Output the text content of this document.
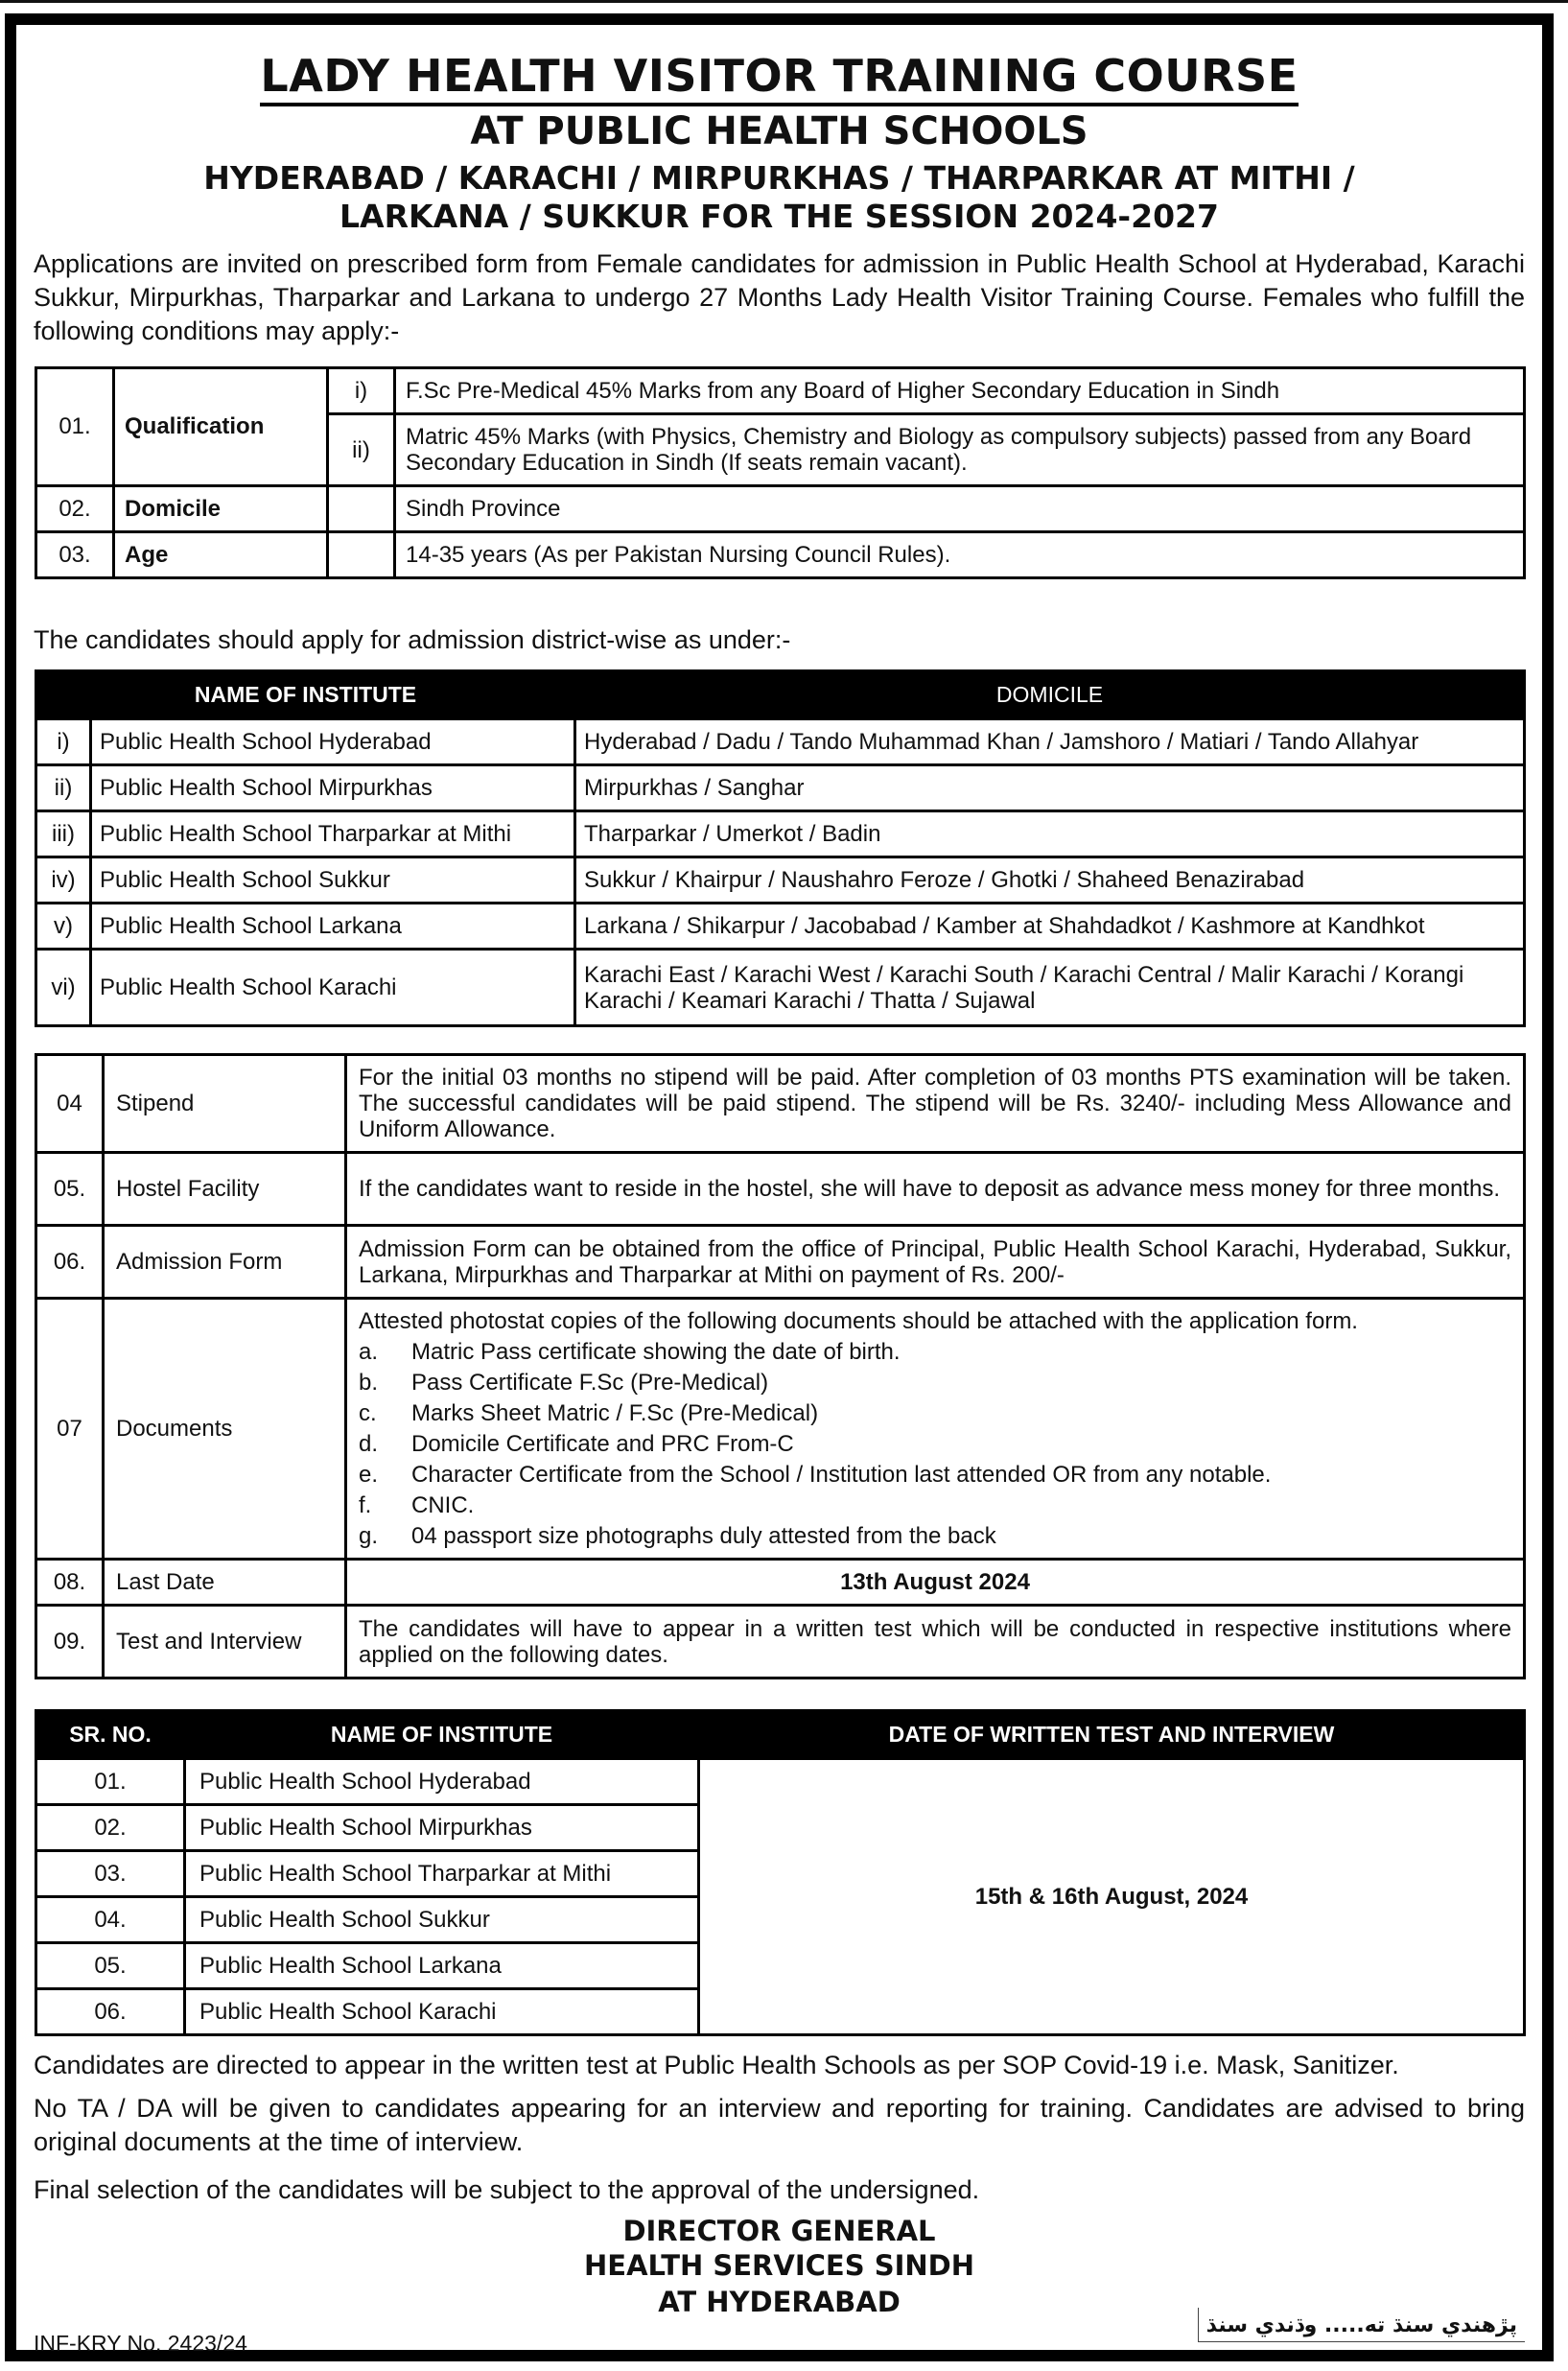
LADY HEALTH VISITOR TRAINING COURSE
AT PUBLIC HEALTH SCHOOLS
HYDERABAD / KARACHI / MIRPURKHAS / THARPARKAR AT MITHI /
LARKANA / SUKKUR FOR THE SESSION 2024-2027

Applications are invited on prescribed form from Female candidates for admission in Public Health School at Hyderabad, Karachi Sukkur, Mirpurkhas, Tharparkar and Larkana to undergo 27 Months Lady Health Visitor Training Course. Females who fulfill the following conditions may apply:-

01.	Qualification	i)	F.Sc Pre-Medical 45% Marks from any Board of Higher Secondary Education in Sindh
		ii)	Matric 45% Marks (with Physics, Chemistry and Biology as compulsory subjects) passed from any Board Secondary Education in Sindh (If seats remain vacant).
02.	Domicile		Sindh Province
03.	Age		14-35 years (As per Pakistan Nursing Council Rules).
The candidates should apply for admission district-wise as under:-
NAME OF INSTITUTE		DOMICILE
i)	Public Health School Hyderabad	Hyderabad / Dadu / Tando Muhammad Khan / Jamshoro / Matiari / Tando Allahyar
ii)	Public Health School Mirpurkhas	Mirpurkhas / Sanghar
iii)	Public Health School Tharparkar at Mithi	Tharparkar / Umerkot / Badin
iv)	Public Health School Sukkur	Sukkur / Khairpur / Naushahro Feroze / Ghotki / Shaheed Benazirabad
v)	Public Health School Larkana	Larkana / Shikarpur / Jacobabad / Kamber at Shahdadkot / Kashmore at Kandhkot
vi)	Public Health School Karachi	Karachi East / Karachi West / Karachi South / Karachi Central / Malir Karachi / Korangi Karachi / Keamari Karachi / Thatta / Sujawal
04	Stipend	For the initial 03 months no stipend will be paid. After completion of 03 months PTS examination will be taken. The successful candidates will be paid stipend. The stipend will be Rs. 3240/- including Mess Allowance and Uniform Allowance.
05.	Hostel Facility	If the candidates want to reside in the hostel, she will have to deposit as advance mess money for three months.
06.	Admission Form	Admission Form can be obtained from the office of Principal, Public Health School Karachi, Hyderabad, Sukkur, Larkana, Mirpurkhas and Tharparkar at Mithi on payment of Rs. 200/-
07	Documents	
Attested photostat copies of the following documents should be attached with the application form.
a.	Matric Pass certificate showing the date of birth.
b.	Pass Certificate F.Sc (Pre-Medical)
c.	Marks Sheet Matric / F.Sc (Pre-Medical)
d.	Domicile Certificate and PRC From-C
e.	Character Certificate from the School / Institution last attended OR from any notable.
f.	CNIC.
g.	04 passport size photographs duly attested from the back

08.	Last Date	13th August 2024
09.	Test and Interview	The candidates will have to appear in a written test which will be conducted in respective institutions where applied on the following dates.
SR. NO.	NAME OF INSTITUTE	DATE OF WRITTEN TEST AND INTERVIEW
01.	Public Health School Hyderabad	15th & 16th August, 2024
02.	Public Health School Mirpurkhas	
03.	Public Health School Tharparkar at Mithi	
04.	Public Health School Sukkur	
05.	Public Health School Larkana	
06.	Public Health School Karachi	

Candidates are directed to appear in the written test at Public Health Schools as per SOP Covid-19 i.e. Mask, Sanitizer.

No TA / DA will be given to candidates appearing for an interview and reporting for training. Candidates are advised to bring original documents at the time of interview.

Final selection of the candidates will be subject to the approval of the undersigned.

DIRECTOR GENERAL
HEALTH SERVICES SINDH
AT HYDERABAD
INF-KRY No. 2423/24
پڙهندي سنڌ ته..... وڌندي سنڌ
